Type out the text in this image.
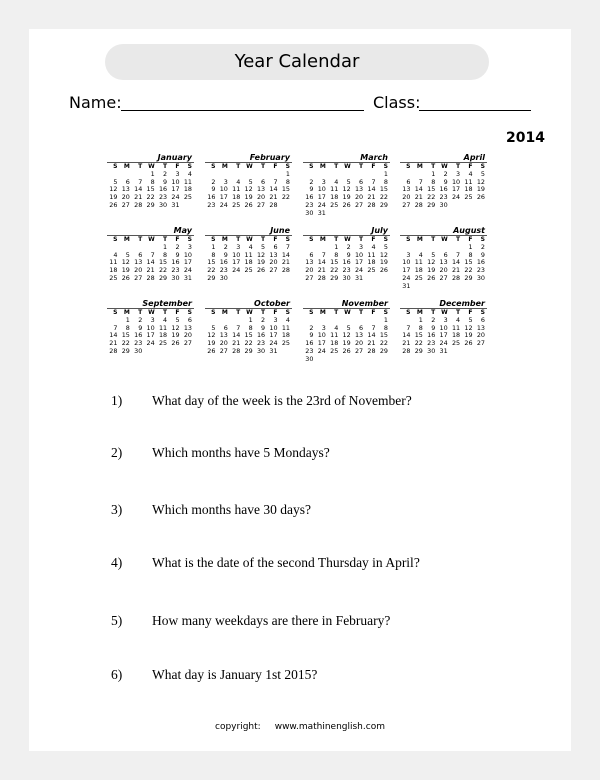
Year Calendar
Name:	Class:
2014
January
S	M	T	W	T	F	S
			1	2	3	4
5	6	7	8	9	10	11
12	13	14	15	16	17	18
19	20	21	22	23	24	25
26	27	28	29	30	31	
February
S	M	T	W	T	F	S
						1
2	3	4	5	6	7	8
9	10	11	12	13	14	15
16	17	18	19	20	21	22
23	24	25	26	27	28	
March
S	M	T	W	T	F	S
						1
2	3	4	5	6	7	8
9	10	11	12	13	14	15
16	17	18	19	20	21	22
23	24	25	26	27	28	29
30	31					
April
S	M	T	W	T	F	S
		1	2	3	4	5
6	7	8	9	10	11	12
13	14	15	16	17	18	19
20	21	22	23	24	25	26
27	28	29	30			
May
S	M	T	W	T	F	S
				1	2	3
4	5	6	7	8	9	10
11	12	13	14	15	16	17
18	19	20	21	22	23	24
25	26	27	28	29	30	31
June
S	M	T	W	T	F	S
1	2	3	4	5	6	7
8	9	10	11	12	13	14
15	16	17	18	19	20	21
22	23	24	25	26	27	28
29	30					
July
S	M	T	W	T	F	S
		1	2	3	4	5
6	7	8	9	10	11	12
13	14	15	16	17	18	19
20	21	22	23	24	25	26
27	28	29	30	31		
August
S	M	T	W	T	F	S
					1	2
3	4	5	6	7	8	9
10	11	12	13	14	15	16
17	18	19	20	21	22	23
24	25	26	27	28	29	30
31						
September
S	M	T	W	T	F	S
	1	2	3	4	5	6
7	8	9	10	11	12	13
14	15	16	17	18	19	20
21	22	23	24	25	26	27
28	29	30				
October
S	M	T	W	T	F	S
			1	2	3	4
5	6	7	8	9	10	11
12	13	14	15	16	17	18
19	20	21	22	23	24	25
26	27	28	29	30	31	
November
S	M	T	W	T	F	S
						1
2	3	4	5	6	7	8
9	10	11	12	13	14	15
16	17	18	19	20	21	22
23	24	25	26	27	28	29
30						
December
S	M	T	W	T	F	S
	1	2	3	4	5	6
7	8	9	10	11	12	13
14	15	16	17	18	19	20
21	22	23	24	25	26	27
28	29	30	31			
1) What day of the week is the 23rd of November?
2) Which months have 5 Mondays?
3) Which months have 30 days?
4) What is the date of the second Thursday in April?
5) How many weekdays are there in February?
6) What day is January 1st 2015?
copyright: www.mathinenglish.com
